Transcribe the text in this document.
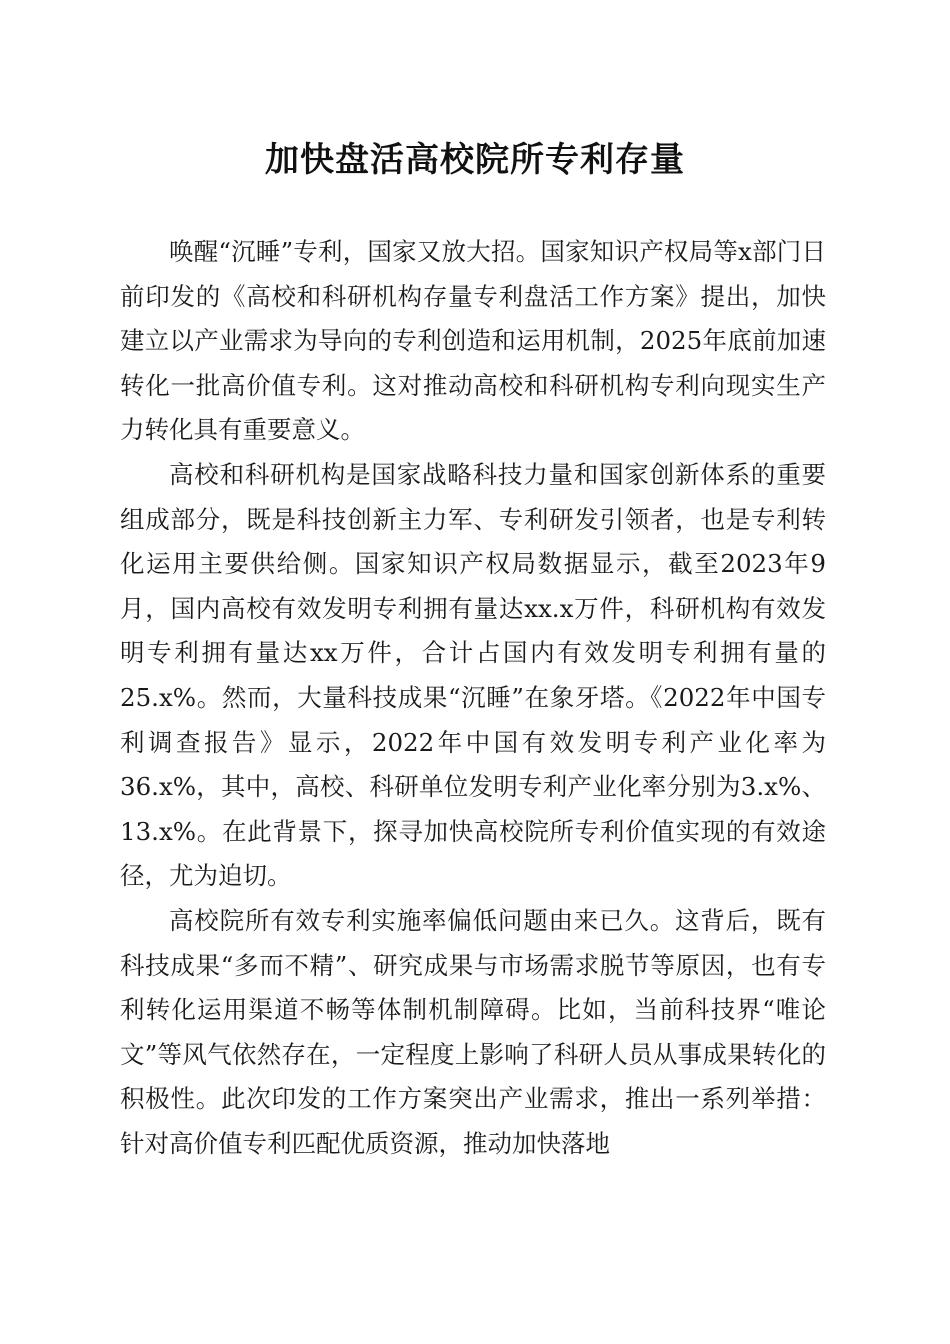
加快盘活高校院所专利存量

唤醒“沉睡”专利，国家又放大招。国家知识产权局等x部门日前印发的《高校和科研机构存量专利盘活工作方案》提出，加快建立以产业需求为导向的专利创造和运用机制，2025年底前加速转化一批高价值专利。这对推动高校和科研机构专利向现实生产力转化具有重要意义。

高校和科研机构是国家战略科技力量和国家创新体系的重要组成部分，既是科技创新主力军、专利研发引领者，也是专利转化运用主要供给侧。国家知识产权局数据显示，截至2023年9月，国内高校有效发明专利拥有量达xx.x万件，科研机构有效发明专利拥有量达xx万件，合计占国内有效发明专利拥有量的25.x%。然而，大量科技成果“沉睡”在象牙塔。《2022年中国专利调查报告》显示，2022年中国有效发明专利产业化率为36.x%，其中，高校、科研单位发明专利产业化率分别为3.x%、13.x%。在此背景下，探寻加快高校院所专利价值实现的有效途径，尤为迫切。

高校院所有效专利实施率偏低问题由来已久。这背后，既有科技成果“多而不精”、研究成果与市场需求脱节等原因，也有专利转化运用渠道不畅等体制机制障碍。比如，当前科技界“唯论文”等风气依然存在，一定程度上影响了科研人员从事成果转化的积极性。此次印发的工作方案突出产业需求，推出一系列举措：针对高价值专利匹配优质资源，推动加快落地
